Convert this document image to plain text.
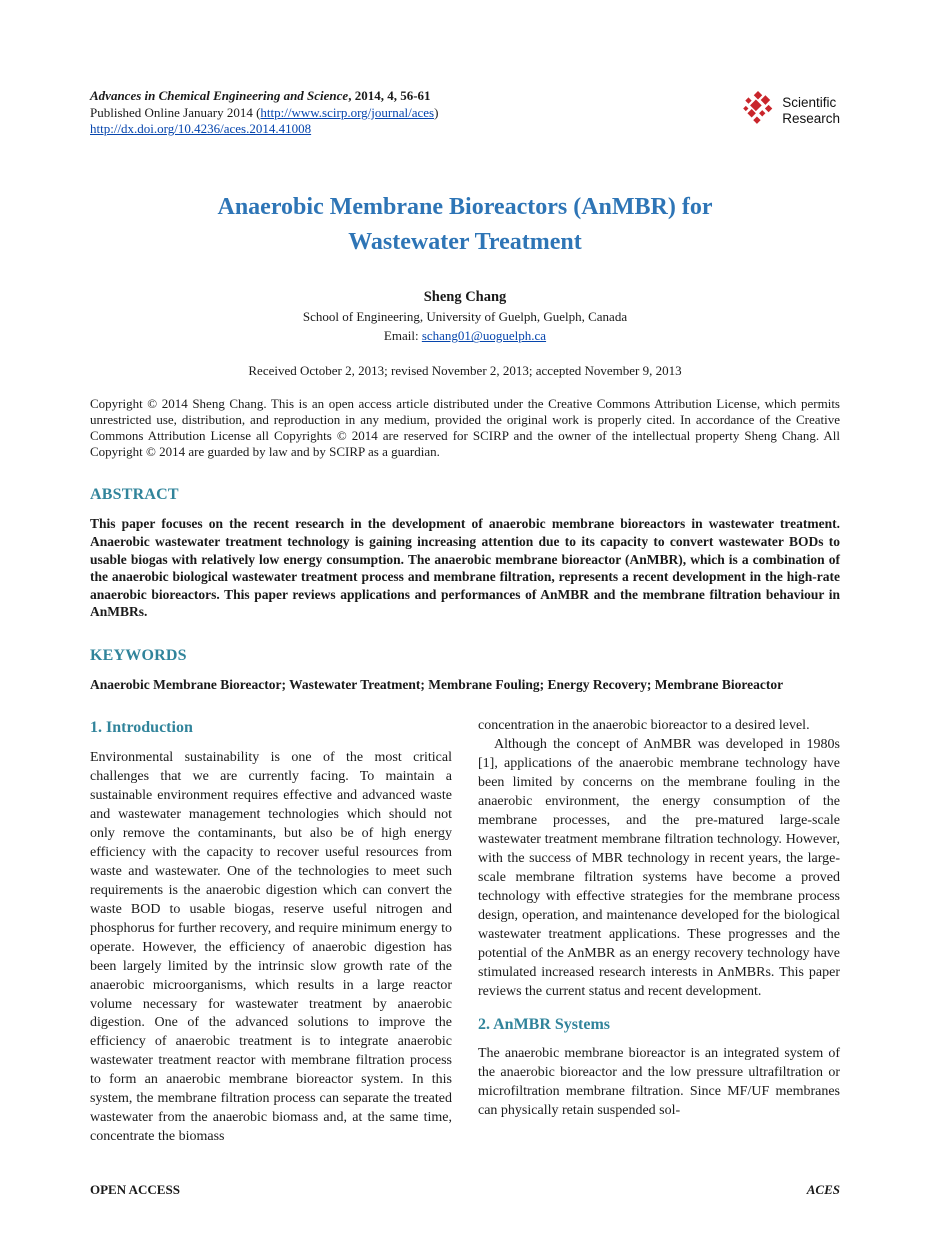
Advances in Chemical Engineering and Science, 2014, 4, 56-61
Published Online January 2014 (http://www.scirp.org/journal/aces)
http://dx.doi.org/10.4236/aces.2014.41008
Scientific
Research
Anaerobic Membrane Bioreactors (AnMBR) for Wastewater Treatment
Sheng Chang
School of Engineering, University of Guelph, Guelph, Canada
Email: schang01@uoguelph.ca
Received October 2, 2013; revised November 2, 2013; accepted November 9, 2013
Copyright © 2014 Sheng Chang. This is an open access article distributed under the Creative Commons Attribution License, which permits unrestricted use, distribution, and reproduction in any medium, provided the original work is properly cited. In accordance of the Creative Commons Attribution License all Copyrights © 2014 are reserved for SCIRP and the owner of the intellectual property Sheng Chang. All Copyright © 2014 are guarded by law and by SCIRP as a guardian.
ABSTRACT
This paper focuses on the recent research in the development of anaerobic membrane bioreactors in wastewater treatment. Anaerobic wastewater treatment technology is gaining increasing attention due to its capacity to convert wastewater BODs to usable biogas with relatively low energy consumption. The anaerobic membrane bioreactor (AnMBR), which is a combination of the anaerobic biological wastewater treatment process and membrane filtration, represents a recent development in the high-rate anaerobic bioreactors. This paper reviews applications and performances of AnMBR and the membrane filtration behaviour in AnMBRs.
KEYWORDS
Anaerobic Membrane Bioreactor; Wastewater Treatment; Membrane Fouling; Energy Recovery; Membrane Bioreactor
1. Introduction

Environmental sustainability is one of the most critical challenges that we are currently facing. To maintain a sustainable environment requires effective and advanced waste and wastewater management technologies which should not only remove the contaminants, but also be of high energy efficiency with the capacity to recover useful resources from waste and wastewater. One of the technologies to meet such requirements is the anaerobic digestion which can convert the waste BOD to usable biogas, reserve useful nitrogen and phosphorus for further recovery, and require minimum energy to operate. However, the efficiency of anaerobic digestion has been largely limited by the intrinsic slow growth rate of the anaerobic microorganisms, which results in a large reactor volume necessary for wastewater treatment by anaerobic digestion. One of the advanced solutions to improve the efficiency of anaerobic treatment is to integrate anaerobic wastewater treatment reactor with membrane filtration process to form an anaerobic membrane bioreactor system. In this system, the membrane filtration process can separate the treated wastewater from the anaerobic biomass and, at the same time, concentrate the biomass

concentration in the anaerobic bioreactor to a desired level.

Although the concept of AnMBR was developed in 1980s [1], applications of the anaerobic membrane technology have been limited by concerns on the membrane fouling in the anaerobic environment, the energy consumption of the membrane processes, and the pre-matured large-scale wastewater treatment membrane filtration technology. However, with the success of MBR technology in recent years, the large-scale membrane filtration systems have become a proved technology with effective strategies for the membrane process design, operation, and maintenance developed for the biological wastewater treatment applications. These progresses and the potential of the AnMBR as an energy recovery technology have stimulated increased research interests in AnMBRs. This paper reviews the current status and recent development.

2. AnMBR Systems

The anaerobic membrane bioreactor is an integrated system of the anaerobic bioreactor and the low pressure ultrafiltration or microfiltration membrane filtration. Since MF/UF membranes can physically retain suspended sol-

OPEN ACCESS	ACES
